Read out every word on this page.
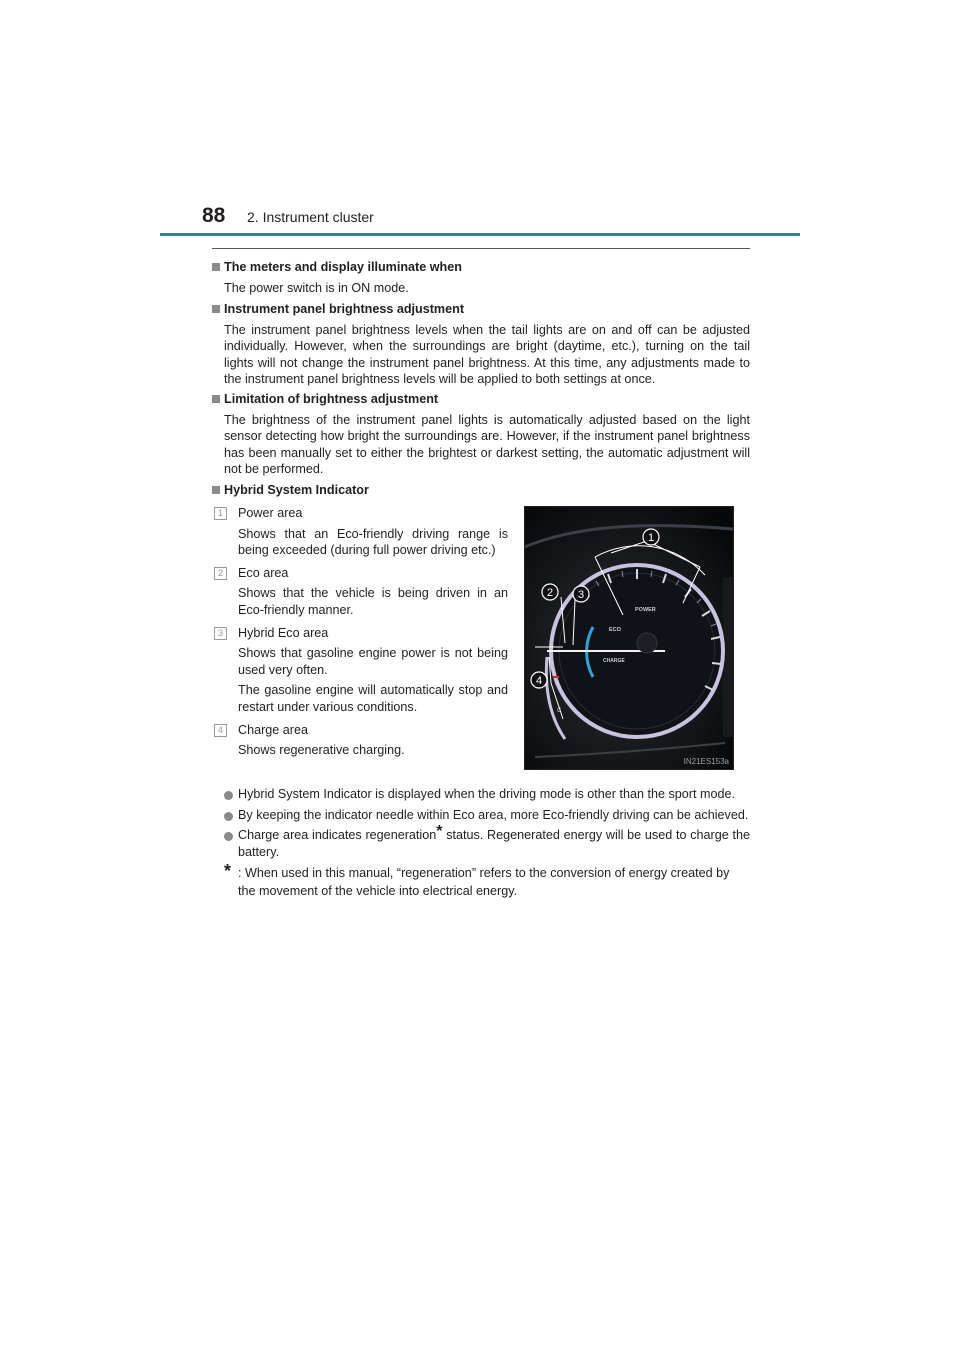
88 2. Instrument cluster
The meters and display illuminate when
The power switch is in ON mode.
Instrument panel brightness adjustment
The instrument panel brightness levels when the tail lights are on and off can be adjusted individually. However, when the surroundings are bright (daytime, etc.), turning on the tail lights will not change the instrument panel brightness. At this time, any adjustments made to the instrument panel brightness levels will be applied to both settings at once.
Limitation of brightness adjustment
The brightness of the instrument panel lights is automatically adjusted based on the light sensor detecting how bright the surroundings are. However, if the instrument panel brightness has been manually set to either the brightest or darkest setting, the automatic adjustment will not be performed.
Hybrid System Indicator
1	Power area
Shows that an Eco-friendly driving range is being exceeded (during full power driving etc.)
2	Eco area
Shows that the vehicle is being driven in an Eco-friendly manner.
3	Hybrid Eco area
Shows that gasoline engine power is not being used very often.
The gasoline engine will automatically stop and restart under various conditions.
4	Charge area
Shows regenerative charging.
POWER
ECO
CHARGE
H
C
1
2 3
4
IN21ES153a
Hybrid System Indicator is displayed when the driving mode is other than the sport mode.
By keeping the indicator needle within Eco area, more Eco-friendly driving can be achieved.
Charge area indicates regeneration* status. Regenerated energy will be used to charge the battery.
* : When used in this manual, “regeneration” refers to the conversion of energy created by the movement of the vehicle into electrical energy.
